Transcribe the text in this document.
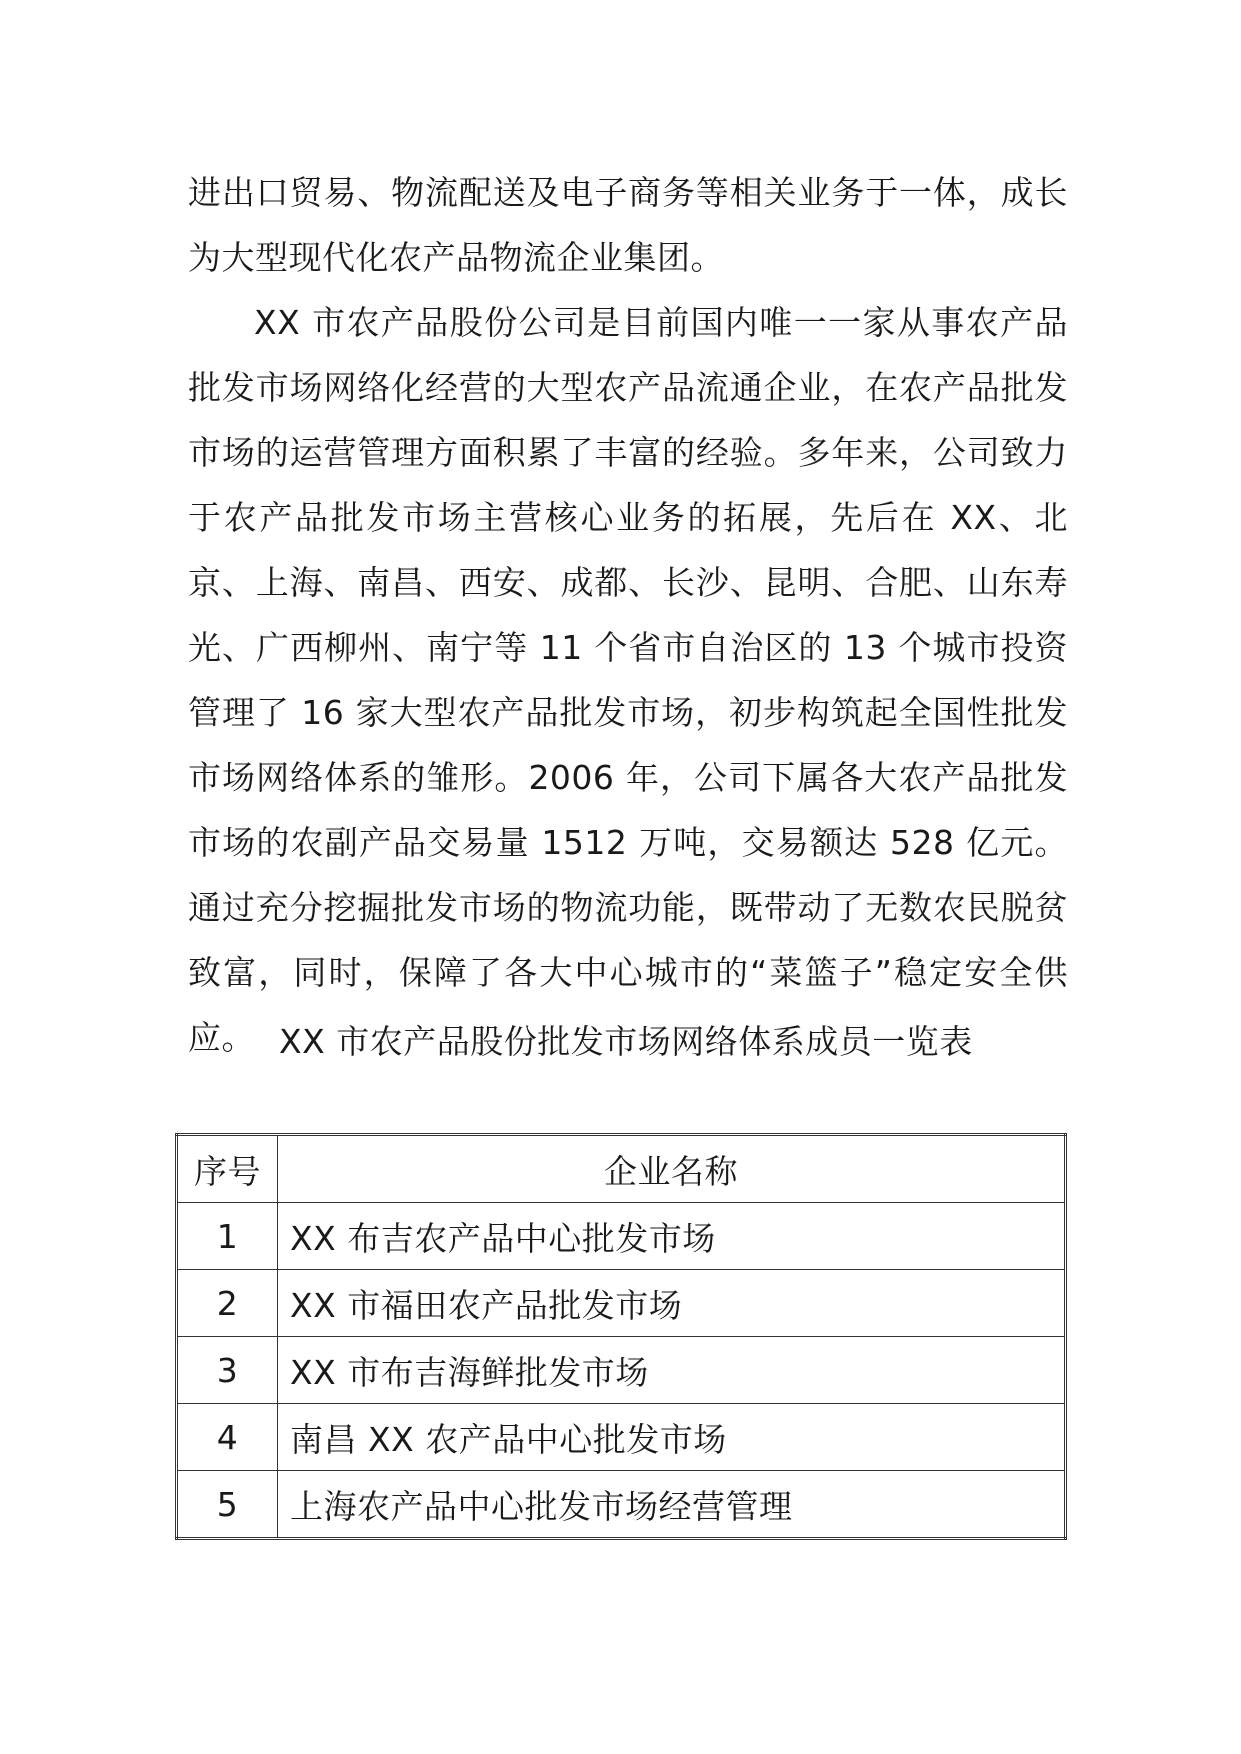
进出口贸易、物流配送及电子商务等相关业务于一体，成长为大型现代化农产品物流企业集团。

XX 市农产品股份公司是目前国内唯一一家从事农产品批发市场网络化经营的大型农产品流通企业，在农产品批发市场的运营管理方面积累了丰富的经验。多年来，公司致力于农产品批发市场主营核心业务的拓展，先后在 XX、北京、上海、南昌、西安、成都、长沙、昆明、合肥、山东寿光、广西柳州、南宁等 11 个省市自治区的 13 个城市投资管理了 16 家大型农产品批发市场，初步构筑起全国性批发市场网络体系的雏形。2006 年，公司下属各大农产品批发市场的农副产品交易量 1512 万吨，交易额达 528 亿元。通过充分挖掘批发市场的物流功能，既带动了无数农民脱贫致富，同时，保障了各大中心城市的“菜篮子”稳定安全供应。 XX 市农产品股份批发市场网络体系成员一览表
序号	企业名称
1	XX 布吉农产品中心批发市场
2	XX 市福田农产品批发市场
3	XX 市布吉海鲜批发市场
4	南昌 XX 农产品中心批发市场
5	上海农产品中心批发市场经营管理
